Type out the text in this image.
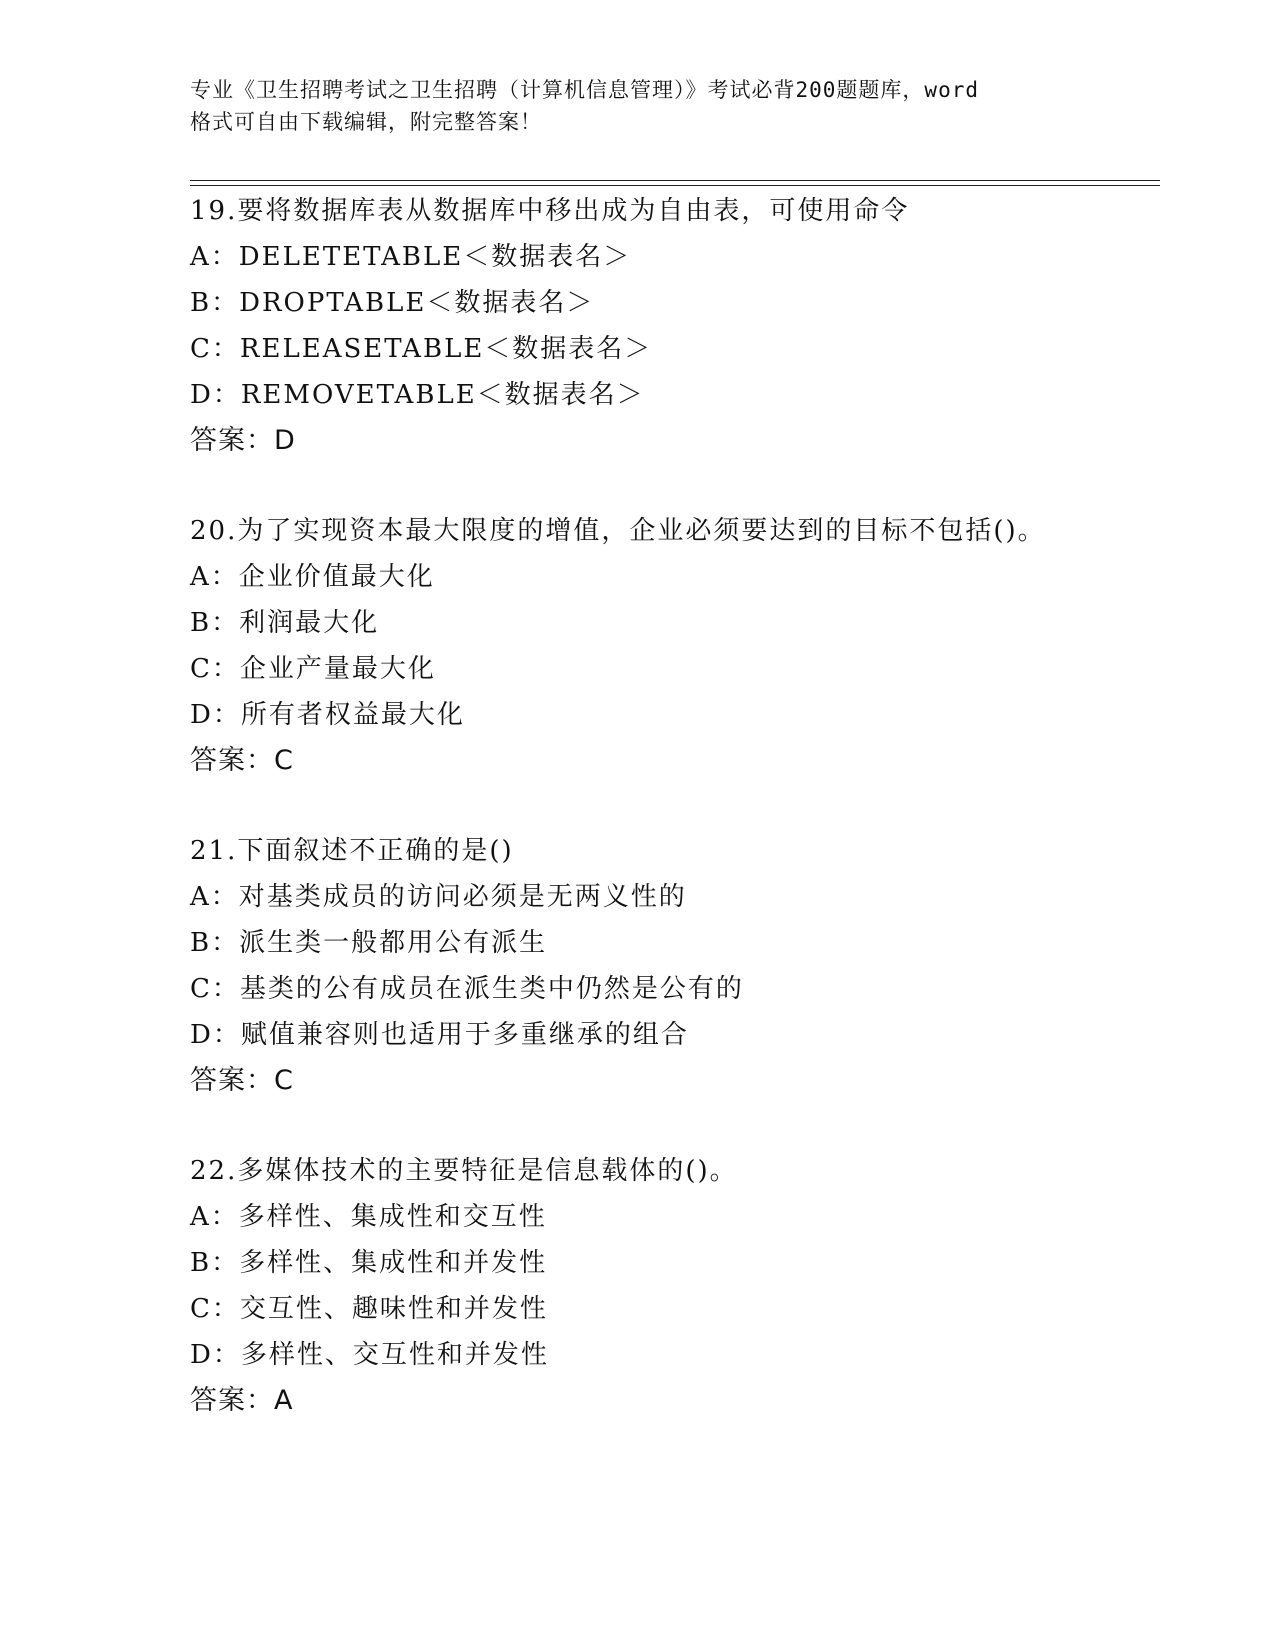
专业《卫生招聘考试之卫生招聘（计算机信息管理）》考试必背200题题库，word
格式可自由下载编辑，附完整答案！
19.要将数据库表从数据库中移出成为自由表，可使用命令
A：DELETETABLE＜数据表名＞
B：DROPTABLE＜数据表名＞
C：RELEASETABLE＜数据表名＞
D：REMOVETABLE＜数据表名＞
答案：D
20.为了实现资本最大限度的增值，企业必须要达到的目标不包括()。
A：企业价值最大化
B：利润最大化
C：企业产量最大化
D：所有者权益最大化
答案：C
21.下面叙述不正确的是()
A：对基类成员的访问必须是无两义性的
B：派生类一般都用公有派生
C：基类的公有成员在派生类中仍然是公有的
D：赋值兼容则也适用于多重继承的组合
答案：C
22.多媒体技术的主要特征是信息载体的()。
A：多样性、集成性和交互性
B：多样性、集成性和并发性
C：交互性、趣味性和并发性
D：多样性、交互性和并发性
答案：A
